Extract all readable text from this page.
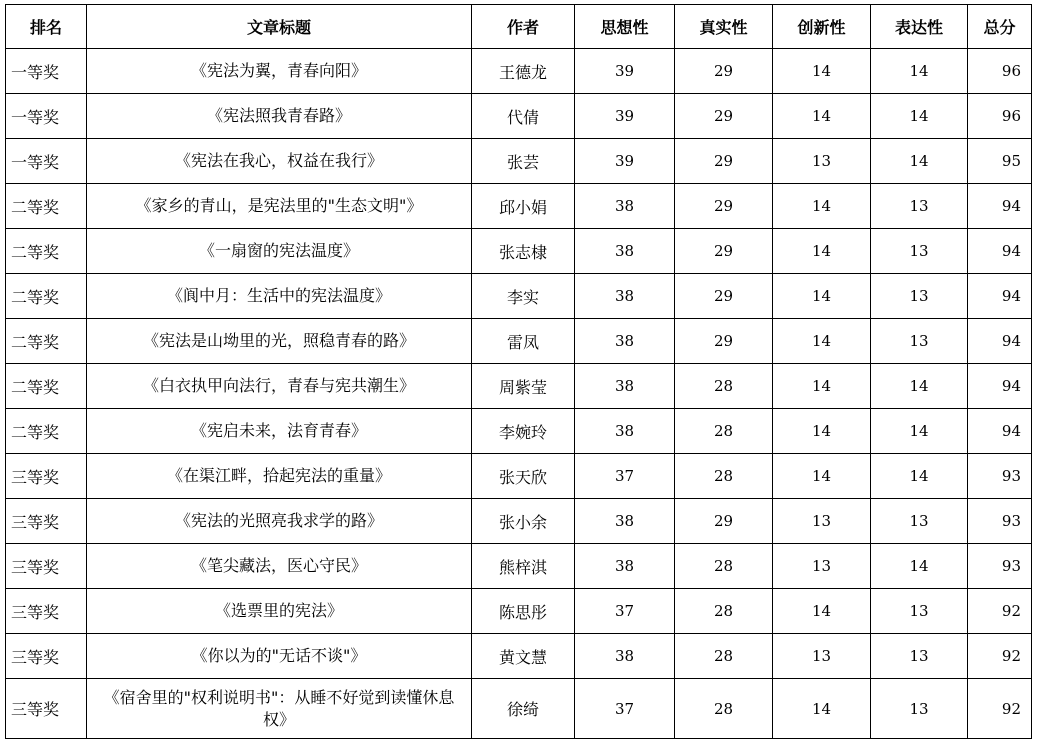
排名	文章标题	作者	思想性	真实性	创新性	表达性	总分
一等奖	《宪法为翼，青春向阳》	王德龙	39	29	14	14	96
一等奖	《宪法照我青春路》	代倩	39	29	14	14	96
一等奖	《宪法在我心，权益在我行》	张芸	39	29	13	14	95
二等奖	《家乡的青山，是宪法里的"生态文明"》	邱小娟	38	29	14	13	94
二等奖	《一扇窗的宪法温度》	张志棣	38	29	14	13	94
二等奖	《阆中月：生活中的宪法温度》	李实	38	29	14	13	94
二等奖	《宪法是山坳里的光，照稳青春的路》	雷凤	38	29	14	13	94
二等奖	《白衣执甲向法行，青春与宪共潮生》	周紫莹	38	28	14	14	94
二等奖	《宪启未来，法育青春》	李婉玲	38	28	14	14	94
三等奖	《在渠江畔，拾起宪法的重量》	张天欣	37	28	14	14	93
三等奖	《宪法的光照亮我求学的路》	张小余	38	29	13	13	93
三等奖	《笔尖藏法，医心守民》	熊梓淇	38	28	13	14	93
三等奖	《选票里的宪法》	陈思彤	37	28	14	13	92
三等奖	《你以为的"无话不谈"》	黄文慧	38	28	13	13	92
三等奖	《宿舍里的"权利说明书"：从睡不好觉到读懂休息权》	徐绮	37	28	14	13	92
